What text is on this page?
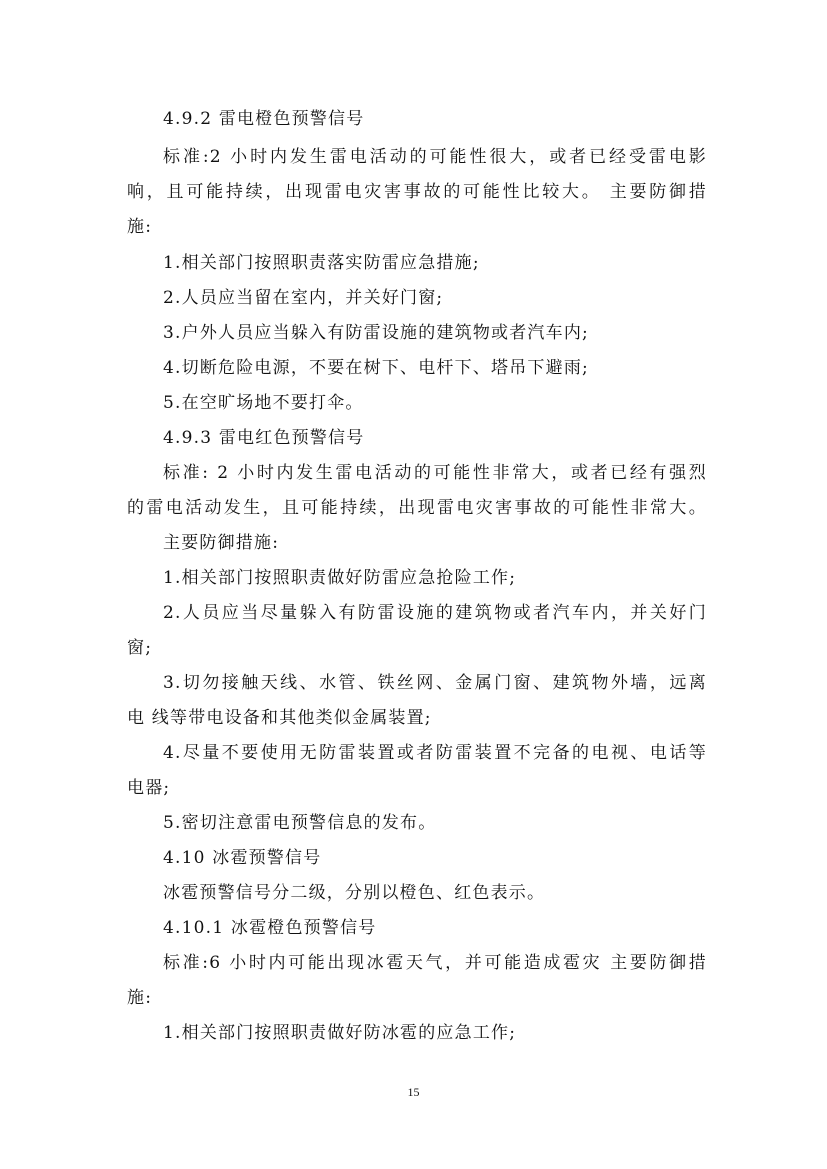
4.9.2 雷电橙色预警信号
标准:2 小时内发生雷电活动的可能性很大，或者已经受雷电影
响，且可能持续，出现雷电灾害事故的可能性比较大。 主要防御措
施:
1.相关部门按照职责落实防雷应急措施;
2.人员应当留在室内，并关好门窗;
3.户外人员应当躲入有防雷设施的建筑物或者汽车内;
4.切断危险电源，不要在树下、电杆下、塔吊下避雨;
5.在空旷场地不要打伞。
4.9.3 雷电红色预警信号
标准: 2 小时内发生雷电活动的可能性非常大，或者已经有强烈
的雷电活动发生，且可能持续，出现雷电灾害事故的可能性非常大。
主要防御措施:
1.相关部门按照职责做好防雷应急抢险工作;
2.人员应当尽量躲入有防雷设施的建筑物或者汽车内，并关好门
窗;
3.切勿接触天线、水管、铁丝网、金属门窗、建筑物外墙，远离
电 线等带电设备和其他类似金属装置;
4.尽量不要使用无防雷装置或者防雷装置不完备的电视、电话等
电器;
5.密切注意雷电预警信息的发布。
4.10 冰雹预警信号
冰雹预警信号分二级，分别以橙色、红色表示。
4.10.1 冰雹橙色预警信号
标准:6 小时内可能出现冰雹天气，并可能造成雹灾 主要防御措
施:
1.相关部门按照职责做好防冰雹的应急工作;
15
